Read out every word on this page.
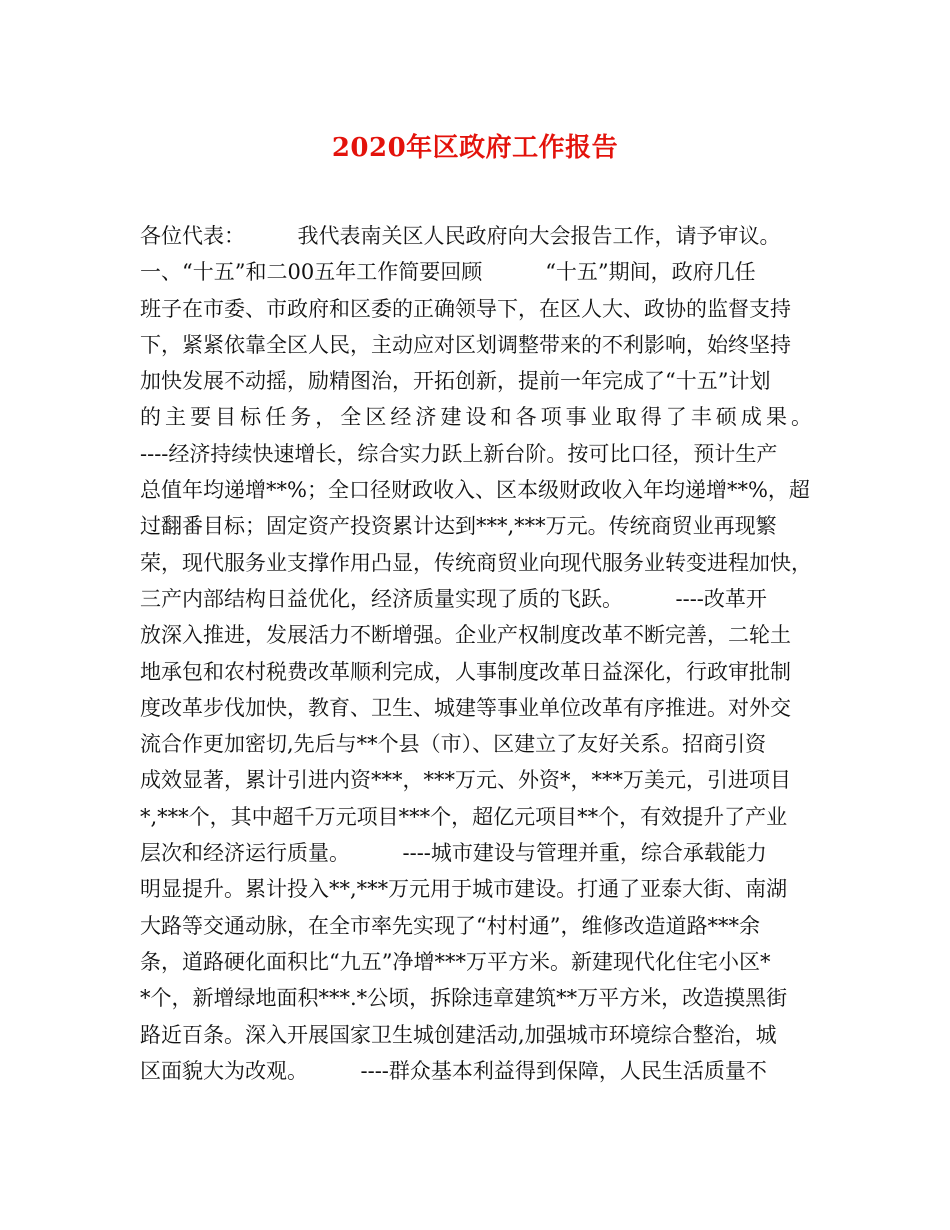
2020年区政府工作报告
各位代表：　　　我代表南关区人民政府向大会报告工作，请予审议。
一、“十五”和二00五年工作简要回顾　　　“十五”期间，政府几任
班子在市委、市政府和区委的正确领导下，在区人大、政协的监督支持
下，紧紧依靠全区人民，主动应对区划调整带来的不利影响，始终坚持
加快发展不动摇，励精图治，开拓创新，提前一年完成了“十五”计划
的主要目标任务，全区经济建设和各项事业取得了丰硕成果。
----经济持续快速增长，综合实力跃上新台阶。按可比口径，预计生产
总值年均递增**%；全口径财政收入、区本级财政收入年均递增**%，超
过翻番目标；固定资产投资累计达到***,***万元。传统商贸业再现繁
荣，现代服务业支撑作用凸显，传统商贸业向现代服务业转变进程加快，
三产内部结构日益优化，经济质量实现了质的飞跃。　　　----改革开
放深入推进，发展活力不断增强。企业产权制度改革不断完善，二轮土
地承包和农村税费改革顺利完成，人事制度改革日益深化，行政审批制
度改革步伐加快，教育、卫生、城建等事业单位改革有序推进。对外交
流合作更加密切,先后与**个县（市）、区建立了友好关系。招商引资
成效显著，累计引进内资***，***万元、外资*，***万美元，引进项目
*,***个，其中超千万元项目***个，超亿元项目**个，有效提升了产业
层次和经济运行质量。　　　----城市建设与管理并重，综合承载能力
明显提升。累计投入**,***万元用于城市建设。打通了亚泰大街、南湖
大路等交通动脉，在全市率先实现了“村村通”，维修改造道路***余
条，道路硬化面积比“九五”净增***万平方米。新建现代化住宅小区*
*个，新增绿地面积***.*公顷，拆除违章建筑**万平方米，改造摸黑街
路近百条。深入开展国家卫生城创建活动,加强城市环境综合整治，城
区面貌大为改观。　　　----群众基本利益得到保障，人民生活质量不
